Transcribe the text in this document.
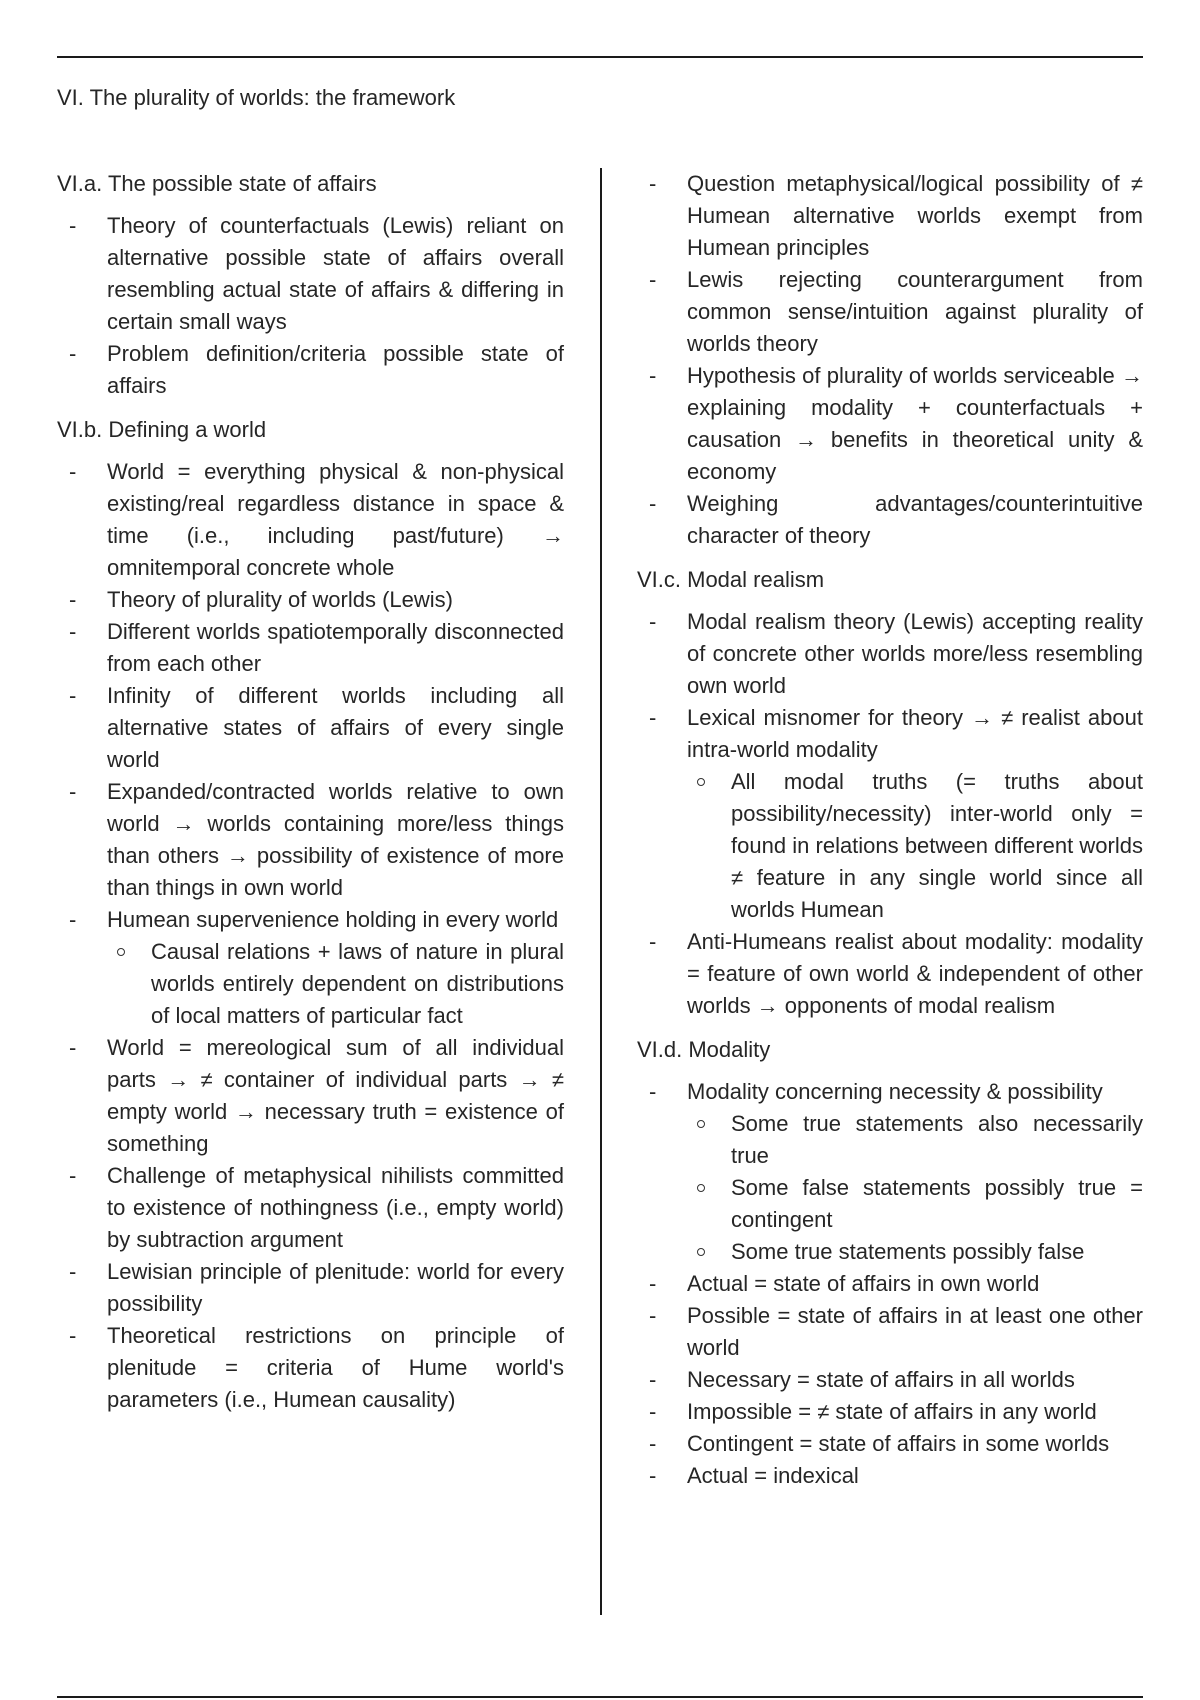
VI. The plurality of worlds: the framework
VI.a. The possible state of affairs
- Theory of counterfactuals (Lewis) reliant on alternative possible state of affairs overall resembling actual state of affairs & differing in certain small ways
- Problem definition/criteria possible state of affairs
VI.b. Defining a world
- World = everything physical & non-physical existing/real regardless distance in space & time (i.e., including past/future) → omnitemporal concrete whole
- Theory of plurality of worlds (Lewis)
- Different worlds spatiotemporally disconnected from each other
- Infinity of different worlds including all alternative states of affairs of every single world
- Expanded/contracted worlds relative to own world → worlds containing more/less things than others → possibility of existence of more than things in own world
- Humean supervenience holding in every world
Causal relations + laws of nature in plural worlds entirely dependent on distributions of local matters of particular fact
- World = mereological sum of all individual parts → ≠ container of individual parts → ≠ empty world → necessary truth = existence of something
- Challenge of metaphysical nihilists committed to existence of nothingness (i.e., empty world) by subtraction argument
- Lewisian principle of plenitude: world for every possibility
- Theoretical restrictions on principle of plenitude = criteria of Hume world's parameters (i.e., Humean causality)
- Question metaphysical/logical possibility of ≠ Humean alternative worlds exempt from Humean principles
- Lewis rejecting counterargument from common sense/intuition against plurality of worlds theory
- Hypothesis of plurality of worlds serviceable → explaining modality + counterfactuals + causation → benefits in theoretical unity & economy
- Weighing advantages/counterintuitive character of theory
VI.c. Modal realism
- Modal realism theory (Lewis) accepting reality of concrete other worlds more/less resembling own world
- Lexical misnomer for theory → ≠ realist about intra-world modality
All modal truths (= truths about possibility/necessity) inter-world only = found in relations between different worlds ≠ feature in any single world since all worlds Humean
- Anti-Humeans realist about modality: modality = feature of own world & independent of other worlds → opponents of modal realism
VI.d. Modality
- Modality concerning necessity & possibility
Some true statements also necessarily true
Some false statements possibly true = contingent
Some true statements possibly false
- Actual = state of affairs in own world
- Possible = state of affairs in at least one other world
- Necessary = state of affairs in all worlds
- Impossible = ≠ state of affairs in any world
- Contingent = state of affairs in some worlds
- Actual = indexical
